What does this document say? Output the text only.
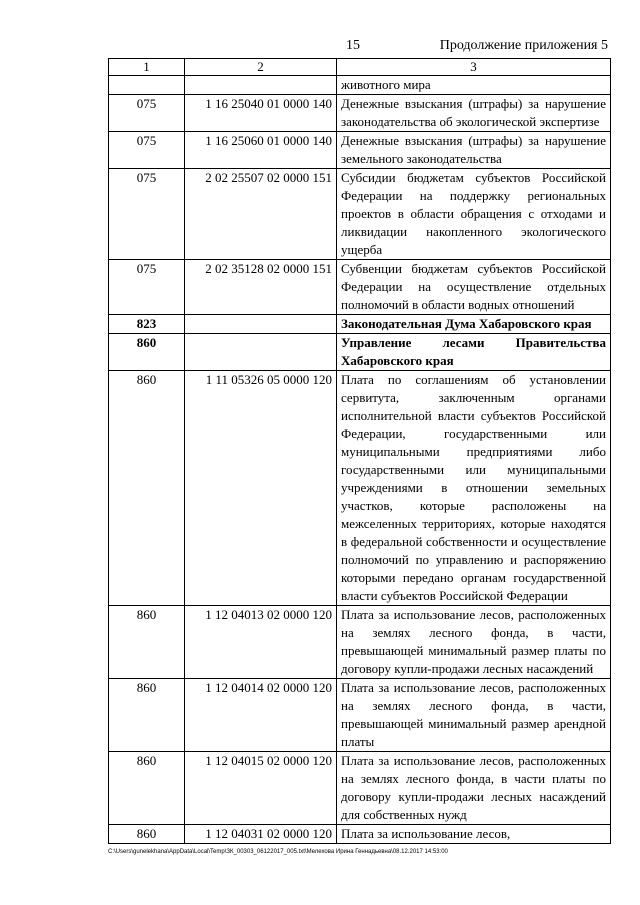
15	Продолжение приложения 5
1	2	3
		животного мира
075	1 16 25040 01 0000 140	Денежные взыскания (штрафы) за нарушение законодательства об экологической экспертизе
075	1 16 25060 01 0000 140	Денежные взыскания (штрафы) за нарушение земельного законодательства
075	2 02 25507 02 0000 151	Субсидии бюджетам субъектов Российской Федерации на поддержку региональных проектов в области обращения с отходами и ликвидации накопленного экологического ущерба
075	2 02 35128 02 0000 151	Субвенции бюджетам субъектов Российской Федерации на осуществление отдельных полномочий в области водных отношений
823		Законодательная Дума Хабаровского края
860		Управление лесами Правительства Хабаровского края
860	1 11 05326 05 0000 120	Плата по соглашениям об установлении сервитута, заключенным органами исполнительной власти субъектов Российской Федерации, государственными или муниципальными предприятиями либо государственными или муниципальными учреждениями в отношении земельных участков, которые расположены на межселенных территориях, которые находятся в федеральной собственности и осуществление полномочий по управлению и распоряжению которыми передано органам государственной власти субъектов Российской Федерации
860	1 12 04013 02 0000 120	Плата за использование лесов, расположенных на землях лесного фонда, в части, превышающей минимальный размер платы по договору купли-продажи лесных насаждений
860	1 12 04014 02 0000 120	Плата за использование лесов, расположенных на землях лесного фонда, в части, превышающей минимальный размер арендной платы
860	1 12 04015 02 0000 120	Плата за использование лесов, расположенных на землях лесного фонда, в части платы по договору купли-продажи лесных насаждений для собственных нужд
860	1 12 04031 02 0000 120	Плата за использование лесов,
C:\Users\gunelekhana\AppData\Local\Temp\ЗК_00303_06122017_005.txt\Мелехова Ирина Геннадьевна\08.12.2017 14:53:00
